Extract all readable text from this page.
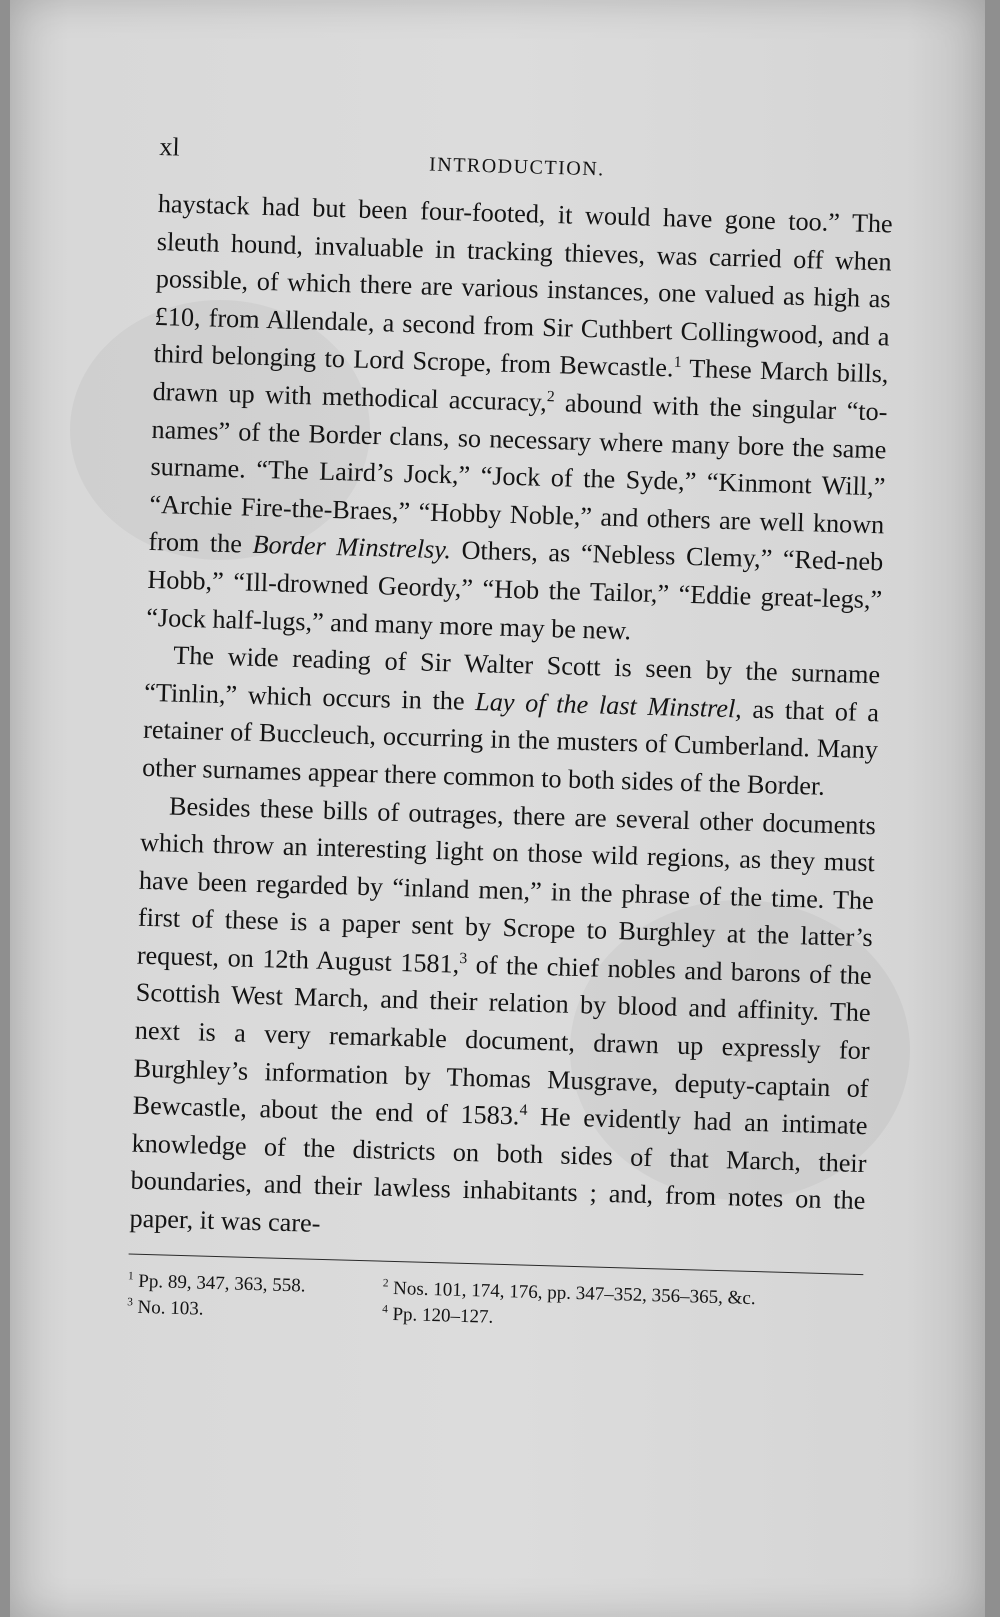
xl
INTRODUCTION.

haystack had but been four-footed, it would have gone too.” The sleuth hound, invaluable in tracking thieves, was carried off when possible, of which there are various instances, one valued as high as £10, from Allendale, a second from Sir Cuthbert Collingwood, and a third belonging to Lord Scrope, from Bewcastle.$^1$ These March bills, drawn up with methodical accuracy,$^2$ abound with the singular “to-names” of the Border clans, so necessary where many bore the same surname. “The Laird’s Jock,” “Jock of the Syde,” “Kinmont Will,” “Archie Fire-the-Braes,” “Hobby Noble,” and others are well known from the Border Minstrelsy. Others, as “Nebless Clemy,” “Red-neb Hobb,” “Ill-drowned Geordy,” “Hob the Tailor,” “Eddie great-legs,” “Jock half-lugs,” and many more may be new.

The wide reading of Sir Walter Scott is seen by the surname “Tinlin,” which occurs in the Lay of the last Minstrel, as that of a retainer of Buccleuch, occurring in the musters of Cumberland. Many other surnames appear there common to both sides of the Border.

Besides these bills of outrages, there are several other documents which throw an interesting light on those wild regions, as they must have been regarded by “inland men,” in the phrase of the time. The first of these is a paper sent by Scrope to Burghley at the latter’s request, on 12th August 1581,$^3$ of the chief nobles and barons of the Scottish West March, and their relation by blood and affinity. The next is a very remarkable document, drawn up expressly for Burghley’s information by Thomas Musgrave, deputy-captain of Bewcastle, about the end of 1583.$^4$ He evidently had an intimate knowledge of the districts on both sides of that March, their boundaries, and their lawless inhabitants ; and, from notes on the paper, it was care-

$^1$ Pp. 89, 347, 363, 558.	$^2$ Nos. 101, 174, 176, pp. 347–352, 356–365, &c.
$^3$ No. 103.	$^4$ Pp. 120–127.
